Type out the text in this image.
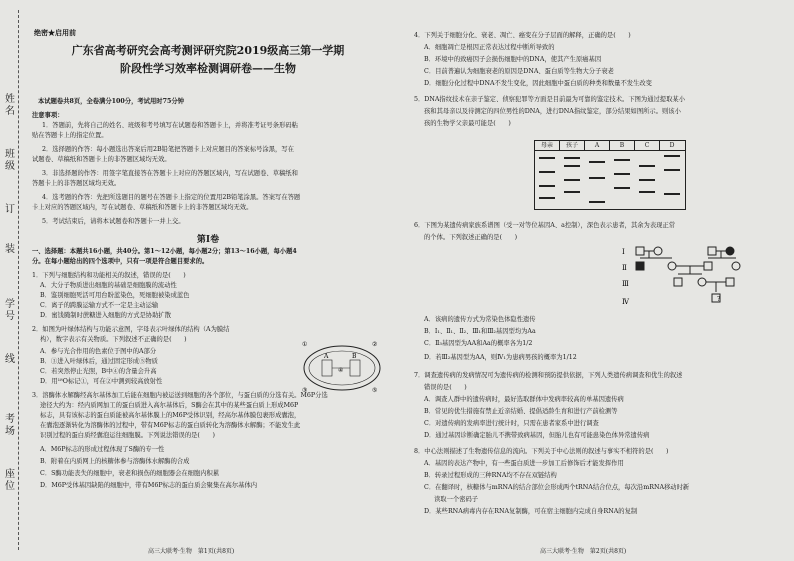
姓
名
班
级
订
装
学
号
线
考
场
座
位
绝密★启用前
广东省高考研究会高考测评研究院2019级高三第一学期
阶段性学习效率检测调研卷——生物
本试题卷共8页，全卷满分100分，考试用时75分钟
注意事项：
1．答题前，先将自己的姓名、班级和考号填写在试题卷和答题卡上，并将准考证号条形码粘
贴在答题卡上的指定位置。
2．选择题的作答：每小题选出答案后用2B铅笔把答题卡上对应题目的答案标号涂黑，写在
试题卷、草稿纸和答题卡上的非答题区域均无效。
3．非选择题的作答：用签字笔直接答在答题卡上对应的答题区域内，写在试题卷、草稿纸和
答题卡上的非答题区域均无效。
4．选考题的作答：先把所选题目的题号在答题卡上指定的位置用2B铅笔涂黑。答案写在答题
卡上对应的答题区域内，写在试题卷、草稿纸和答题卡上的非答题区域均无效。
5．考试结束后，请将本试题卷和答题卡一并上交。
第Ⅰ卷
一、选择题：本题共16小题，共40分。第1～12小题，每小题2分；第13～16小题，每小题4
分。在每小题给出的四个选项中，只有一项是符合题目要求的。
1．下列与细胞结构和功能相关的叙述，错误的是(　　)
A．大分子物质进出细胞的基础是细胞膜的流动性
B．鉴别细胞死活可用台盼蓝染色，死细胞被染成蓝色
C．离子的跨膜运输方式不一定是主动运输
D．蜜饯腌制时蔗糖进入细胞的方式是协助扩散
2．如图为叶绿体结构与功能示意图，字母表示叶绿体的结构（A为膜结
构），数字表示有关物质。下列叙述不正确的是(　　)
A．参与光合作用的色素位于图中的A部分
B．③进入叶绿体后，通过固定形成⑤物质
C．若突然停止光照，B中④的含量会升高
D．用¹⁸O标记①，可在②中测到较高放射性
①	②
③
④
⑤
A	B
3．溶酶体水解酶经高尔基体加工后能在细胞内被运送到细胞的各个部位，与蛋白质的分选有关。M6P分选
途径大约为：经内质网加工的蛋白质进入高尔基体后，S酶会在其中的某些蛋白质上形成M6P
标志，具有该标志的蛋白质能被高尔基体膜上的M6P受体识别，经高尔基体膜包裹形成囊泡，
在囊泡逐渐转化为溶酶体的过程中，带有M6P标志的蛋白质转化为溶酶体水解酶；不能发生此
识别过程的蛋白质经囊泡运往细胞膜。下列说法错误的是(　　)
A．M6P标志的形成过程体现了S酶的专一性
B．附着在内质网上的核糖体参与溶酶体水解酶的合成
C．S酶功能丧失的细胞中，衰老和损伤的细胞器会在细胞内积累
D．M6P受体基因缺陷的细胞中，带有M6P标志的蛋白质会聚集在高尔基体内
高三大联考·生物　第1页(共8页)
4．下列关于细胞分化、衰老、凋亡、癌变在分子层面的解释，正确的是(　　)
A．细胞凋亡是根因正常表达过程中断所导致的
B．环境中的致癌因子会损伤细胞中的DNA，使其产生原癌基因
C．目前普遍认为细胞衰老的原因是DNA、蛋白质等生物大分子衰老
D．细胞分化过程中DNA不发生变化，因此细胞中蛋白质的种类和数量不发生改变
5．DNA指纹技术在亲子鉴定、侦察犯罪等方面是目前最为可靠的鉴定技术。下图为通过提取某小
孩和其母亲以及待测定的四位男性的DNA，进行DNA指纹鉴定，部分结果如图所示。则该小
孩的生物学父亲最可能是(　　)
母亲	孩子	A	B	C	D
6．下图为某遗传病家族系谱图（受一对等位基因A、a控制），深色表示患者，其余为表现正常
的个体。下列叙述正确的是(　　)
Ⅰ
Ⅱ
Ⅲ
Ⅳ	?
A．该病的遗传方式为常染色体隐性遗传
B．Ⅰ₁、Ⅱ₁、Ⅱ₂、Ⅲ₁和Ⅲ₂基因型均为Aa
C．Ⅱ₃基因型为AA和Aa的概率各为1/2
D．若Ⅲ₂基因型为AA，则Ⅳ₁为患病男孩的概率为1/12
7．调查遗传病的发病情况可为遗传病的检测和预防提供依据，下列人类遗传病调查和优生的叙述
错误的是(　　)
A．调查人群中的遗传病时，最好选取群体中发病率较高的单基因遗传病
B．常见的优生措施有禁止近亲结婚、提倡适龄生育和进行产前检测等
C．对遗传病的发病率进行统计时，只需在患者家系中进行调查
D．通过基因诊断确定胎儿不携带致病基因，但胎儿也有可能患染色体异常遗传病
8．中心法则描述了生物遗传信息的流向。下列关于中心法则的叙述与事实不相符的是(　　)
A．基因的表达产物中，有一些蛋白质进一步加工后修饰后才能发挥作用
B．转录过程形成的三种RNA均不存在双链结构
C．在翻译时，核糖体与mRNA的结合部位会形成两个tRNA结合位点，每次沿mRNA移动时新
读取一个密码子
D．某些RNA病毒内存在RNA复制酶，可在宿主细胞内完成自身RNA的复制
高三大联考·生物　第2页(共8页)
